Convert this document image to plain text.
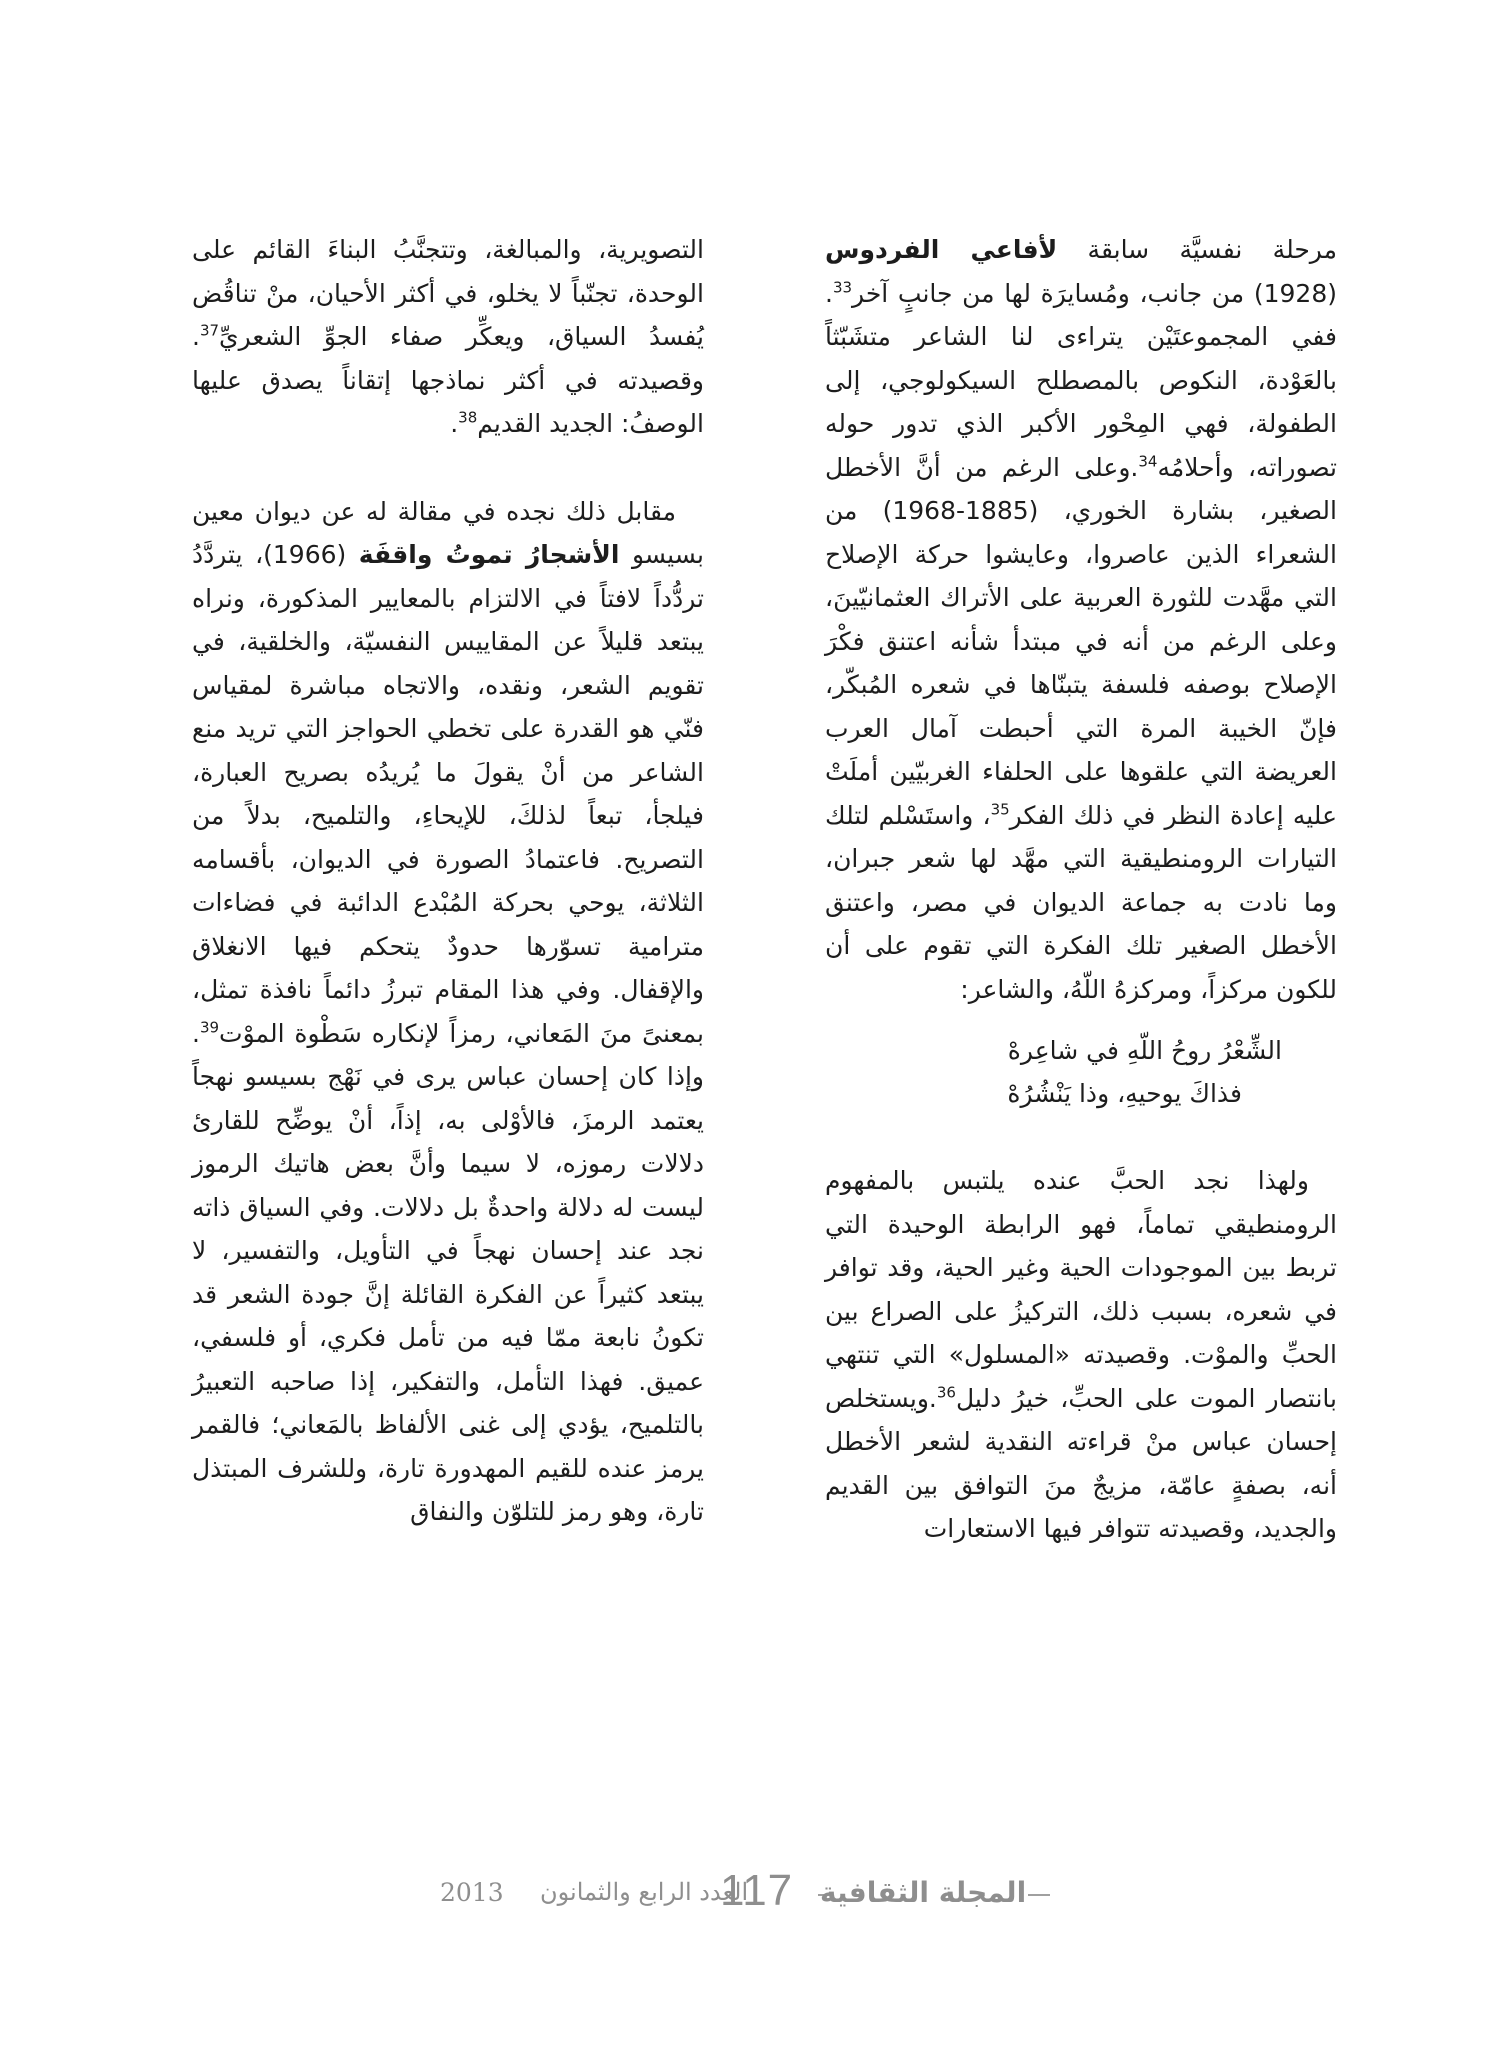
مرحلة نفسيَّة سابقة لأفاعي الفردوس (1928) من جانب، ومُسايرَة لها من جانبٍ آخر$^{33}$. ففي المجموعتَيْن يتراءى لنا الشاعر متشَبّثاً بالعَوْدة، النكوص بالمصطلح السيكولوجي، إلى الطفولة، فهي المِحْور الأكبر الذي تدور حوله تصوراته، وأحلامُه$^{34}$.وعلى الرغم من أنَّ الأخطل الصغير، بشارة الخوري، (1885-1968) من الشعراء الذين عاصروا، وعايشوا حركة الإصلاح التي مهَّدت للثورة العربية على الأتراك العثمانيّينَ، وعلى الرغم من أنه في مبتدأ شأنه اعتنق فكْرَ الإصلاح بوصفه فلسفة يتبنّاها في شعره المُبكّر، فإنّ الخيبة المرة التي أحبطت آمال العرب العريضة التي علقوها على الحلفاء الغربيّين أملَتْ عليه إعادة النظر في ذلك الفكر$^{35}$، واستَسْلم لتلك التيارات الرومنطيقية التي مهَّد لها شعر جبران، وما نادت به جماعة الديوان في مصر، واعتنق الأخطل الصغير تلك الفكرة التي تقوم على أن للكون مركزاً، ومركزهُ اللّهُ، والشاعر:

الشِّعْرُ روحُ اللّهِ في شاعِرهْ
فذاكَ يوحيهِ، وذا يَنْشُرُهْ

ولهذا نجد الحبَّ عنده يلتبس بالمفهوم الرومنطيقي تماماً، فهو الرابطة الوحيدة التي تربط بين الموجودات الحية وغير الحية، وقد توافر في شعره، بسبب ذلك، التركيزُ على الصراع بين الحبِّ والموْت. وقصيدته «المسلول» التي تنتهي بانتصار الموت على الحبِّ، خيرُ دليل$^{36}$.ويستخلص إحسان عباس منْ قراءته النقدية لشعر الأخطل أنه، بصفةٍ عامّة، مزيجٌ منَ التوافق بين القديم والجديد، وقصيدته تتوافر فيها الاستعارات

التصويرية، والمبالغة، وتتجنَّبُ البناءَ القائم على الوحدة، تجنّباً لا يخلو، في أكثر الأحيان، منْ تناقُض يُفسدُ السياق، ويعكِّر صفاء الجوِّ الشعريِّ$^{37}$. وقصيدته في أكثر نماذجها إتقاناً يصدق عليها الوصفُ: الجديد القديم$^{38}$.

مقابل ذلك نجده في مقالة له عن ديوان معين بسيسو الأشجارُ تموتُ واقفَة (1966)، يتردَّدُ تردُّداً لافتاً في الالتزام بالمعايير المذكورة، ونراه يبتعد قليلاً عن المقاييس النفسيّة، والخلقية، في تقويم الشعر، ونقده، والاتجاه مباشرة لمقياس فنّي هو القدرة على تخطي الحواجز التي تريد منع الشاعر من أنْ يقولَ ما يُريدُه بصريح العبارة، فيلجأ، تبعاً لذلكَ، للإيحاءِ، والتلميح، بدلاً من التصريح. فاعتمادُ الصورة في الديوان، بأقسامه الثلاثة، يوحي بحركة المُبْدع الدائبة في فضاءات مترامية تسوّرها حدودٌ يتحكم فيها الانغلاق والإقفال. وفي هذا المقام تبرزُ دائماً نافذة تمثل، بمعنىً منَ المَعاني، رمزاً لإنكاره سَطْوة الموْت$^{39}$. وإذا كان إحسان عباس يرى في نَهْج بسيسو نهجاً يعتمد الرمزَ، فالأوْلى به، إذاً، أنْ يوضِّح للقارئ دلالات رموزه، لا سيما وأنَّ بعض هاتيك الرموز ليست له دلالة واحدةٌ بل دلالات. وفي السياق ذاته نجد عند إحسان نهجاً في التأويل، والتفسير، لا يبتعد كثيراً عن الفكرة القائلة إنَّ جودة الشعر قد تكونُ نابعة ممّا فيه من تأمل فكري، أو فلسفي، عميق. فهذا التأمل، والتفكير، إذا صاحبه التعبيرُ بالتلميح، يؤدي إلى غنى الألفاظ بالمَعاني؛ فالقمر يرمز عنده للقيم المهدورة تارة، وللشرف المبتذل تارة، وهو رمز للتلوّن والنفاق

2013 العدد الرابع والثمانون
117 المجلة الثقافية
